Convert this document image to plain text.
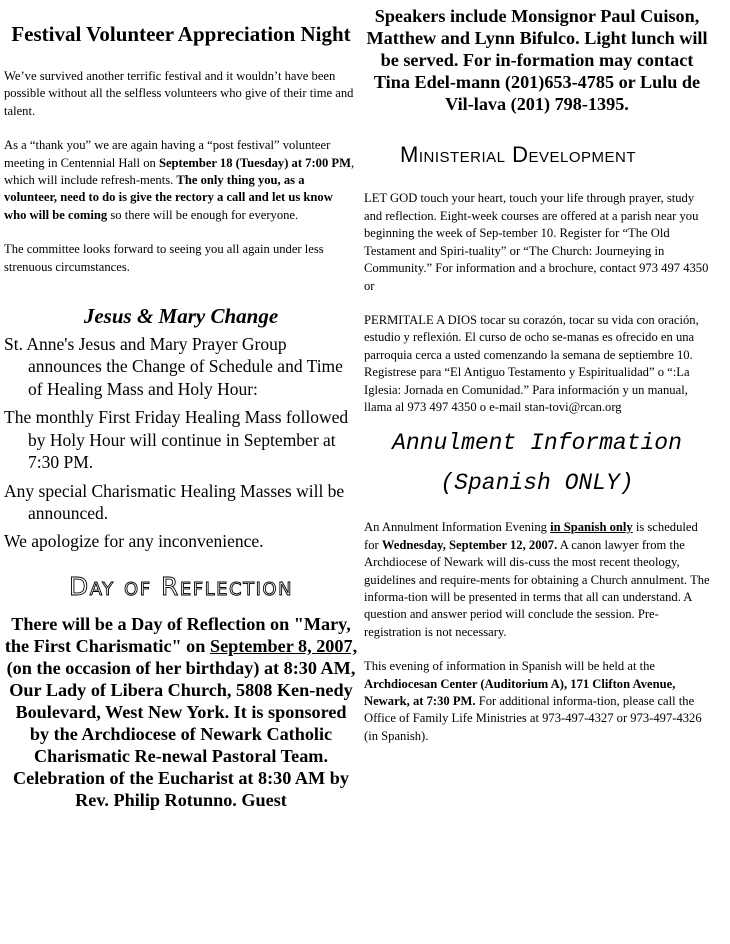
Festival Volunteer Appreciation Night

We’ve survived another terrific festival and it wouldn’t have been possible without all the selfless volunteers who give of their time and talent.

As a “thank you” we are again having a “post festival” volunteer meeting in Centennial Hall on September 18 (Tuesday) at 7:00 PM, which will include refresh-ments. The only thing you, as a volunteer, need to do is give the rectory a call and let us know who will be coming so there will be enough for everyone.

The committee looks forward to seeing you all again under less strenuous circumstances.

Jesus & Mary Change

St. Anne's Jesus and Mary Prayer Group announces the Change of Schedule and Time of Healing Mass and Holy Hour:

The monthly First Friday Healing Mass followed by Holy Hour will continue in September at 7:30 PM.

Any special Charismatic Healing Masses will be announced.

We apologize for any inconvenience.

Day of Reflection

There will be a Day of Reflection on "Mary, the First Charismatic" on September 8, 2007, (on the occasion of her birthday) at 8:30 AM, Our Lady of Libera Church, 5808 Ken-nedy Boulevard, West New York. It is sponsored by the Archdiocese of Newark Catholic Charismatic Re-newal Pastoral Team. Celebration of the Eucharist at 8:30 AM by Rev. Philip Rotunno. Guest

Speakers include Monsignor Paul Cuison, Matthew and Lynn Bifulco. Light lunch will be served. For in-formation may contact Tina Edel-mann (201)653-4785 or Lulu de Vil-lava (201) 798-1395.

Ministerial Development

LET GOD touch your heart, touch your life through prayer, study and reflection. Eight-week courses are offered at a parish near you beginning the week of Sep-tember 10. Register for “The Old Testament and Spiri-tuality” or “The Church: Journeying in Community.” For information and a brochure, contact 973 497 4350 or

PERMITALE A DIOS tocar su corazón, tocar su vida con oración, estudio y reflexión. El curso de ocho se-manas es ofrecido en una parroquia cerca a usted comenzando la semana de septiembre 10. Registrese para “El Antiguo Testamento y Espiritualidad” o “:La Iglesia: Jornada en Comunidad.” Para información y un manual, llama al 973 497 4350 o e-mail stan-tovi@rcan.org

Annulment Information

(Spanish ONLY)

An Annulment Information Evening in Spanish only is scheduled for Wednesday, September 12, 2007. A canon lawyer from the Archdiocese of Newark will dis-cuss the most recent theology, guidelines and require-ments for obtaining a Church annulment. The informa-tion will be presented in terms that all can understand. A question and answer period will conclude the session. Pre-registration is not necessary.

This evening of information in Spanish will be held at the Archdiocesan Center (Auditorium A), 171 Clifton Avenue, Newark, at 7:30 PM. For additional informa-tion, please call the Office of Family Life Ministries at 973-497-4327 or 973-497-4326 (in Spanish).
